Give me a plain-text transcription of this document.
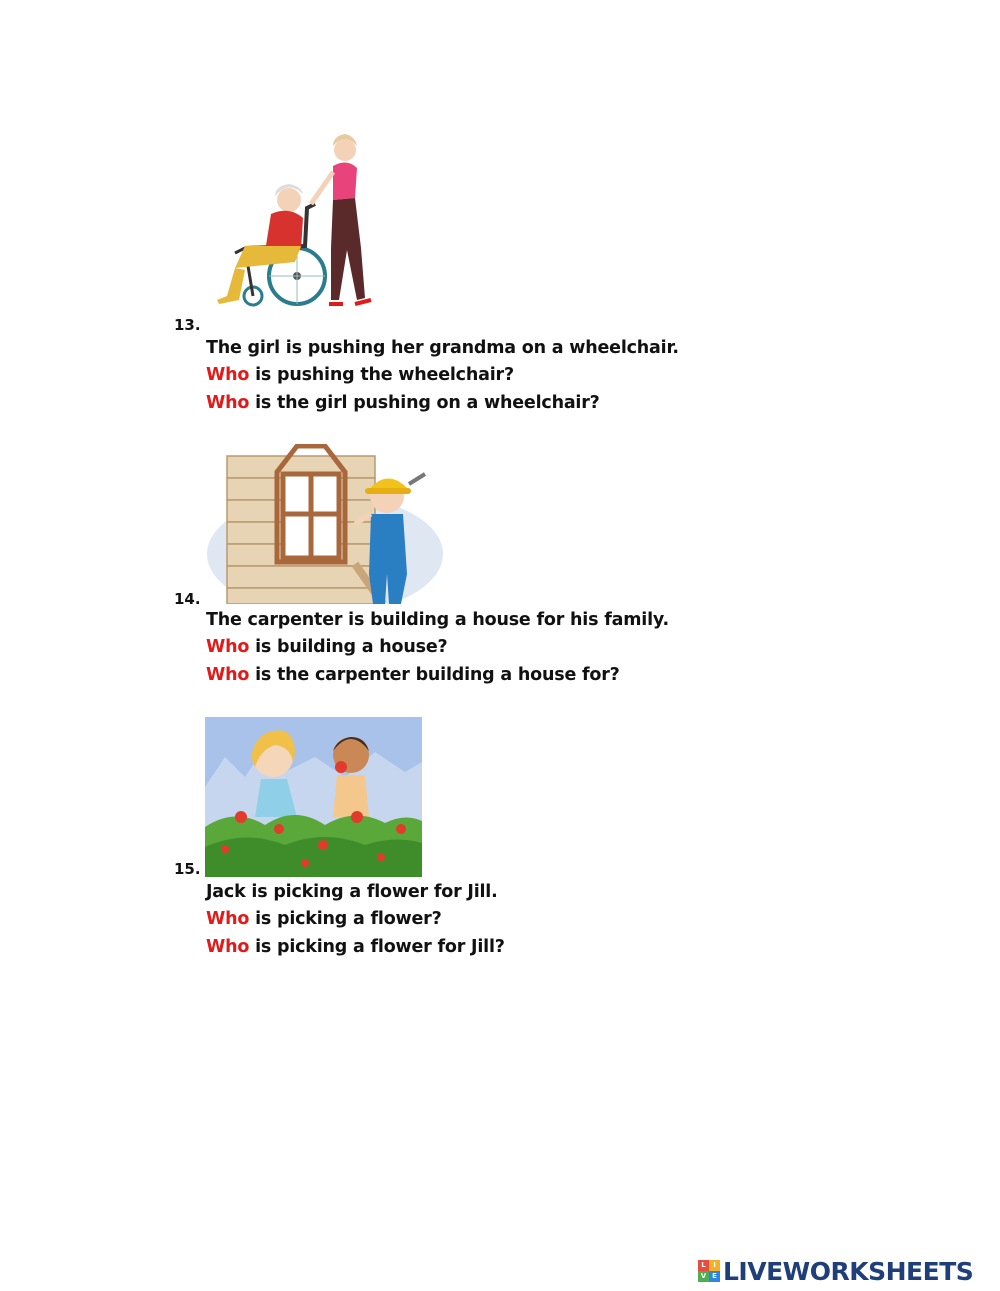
13.
The girl is pushing her grandma on a wheelchair.
Who is pushing the wheelchair?
Who is the girl pushing on a wheelchair?
14.
The carpenter is building a house for his family.
Who is building a house?
Who is the carpenter building a house for?
15.
Jack is picking a flower for Jill.
Who is picking a flower?
Who is picking a flower for Jill?
L	I
V E LIVEWORKSHEETS
